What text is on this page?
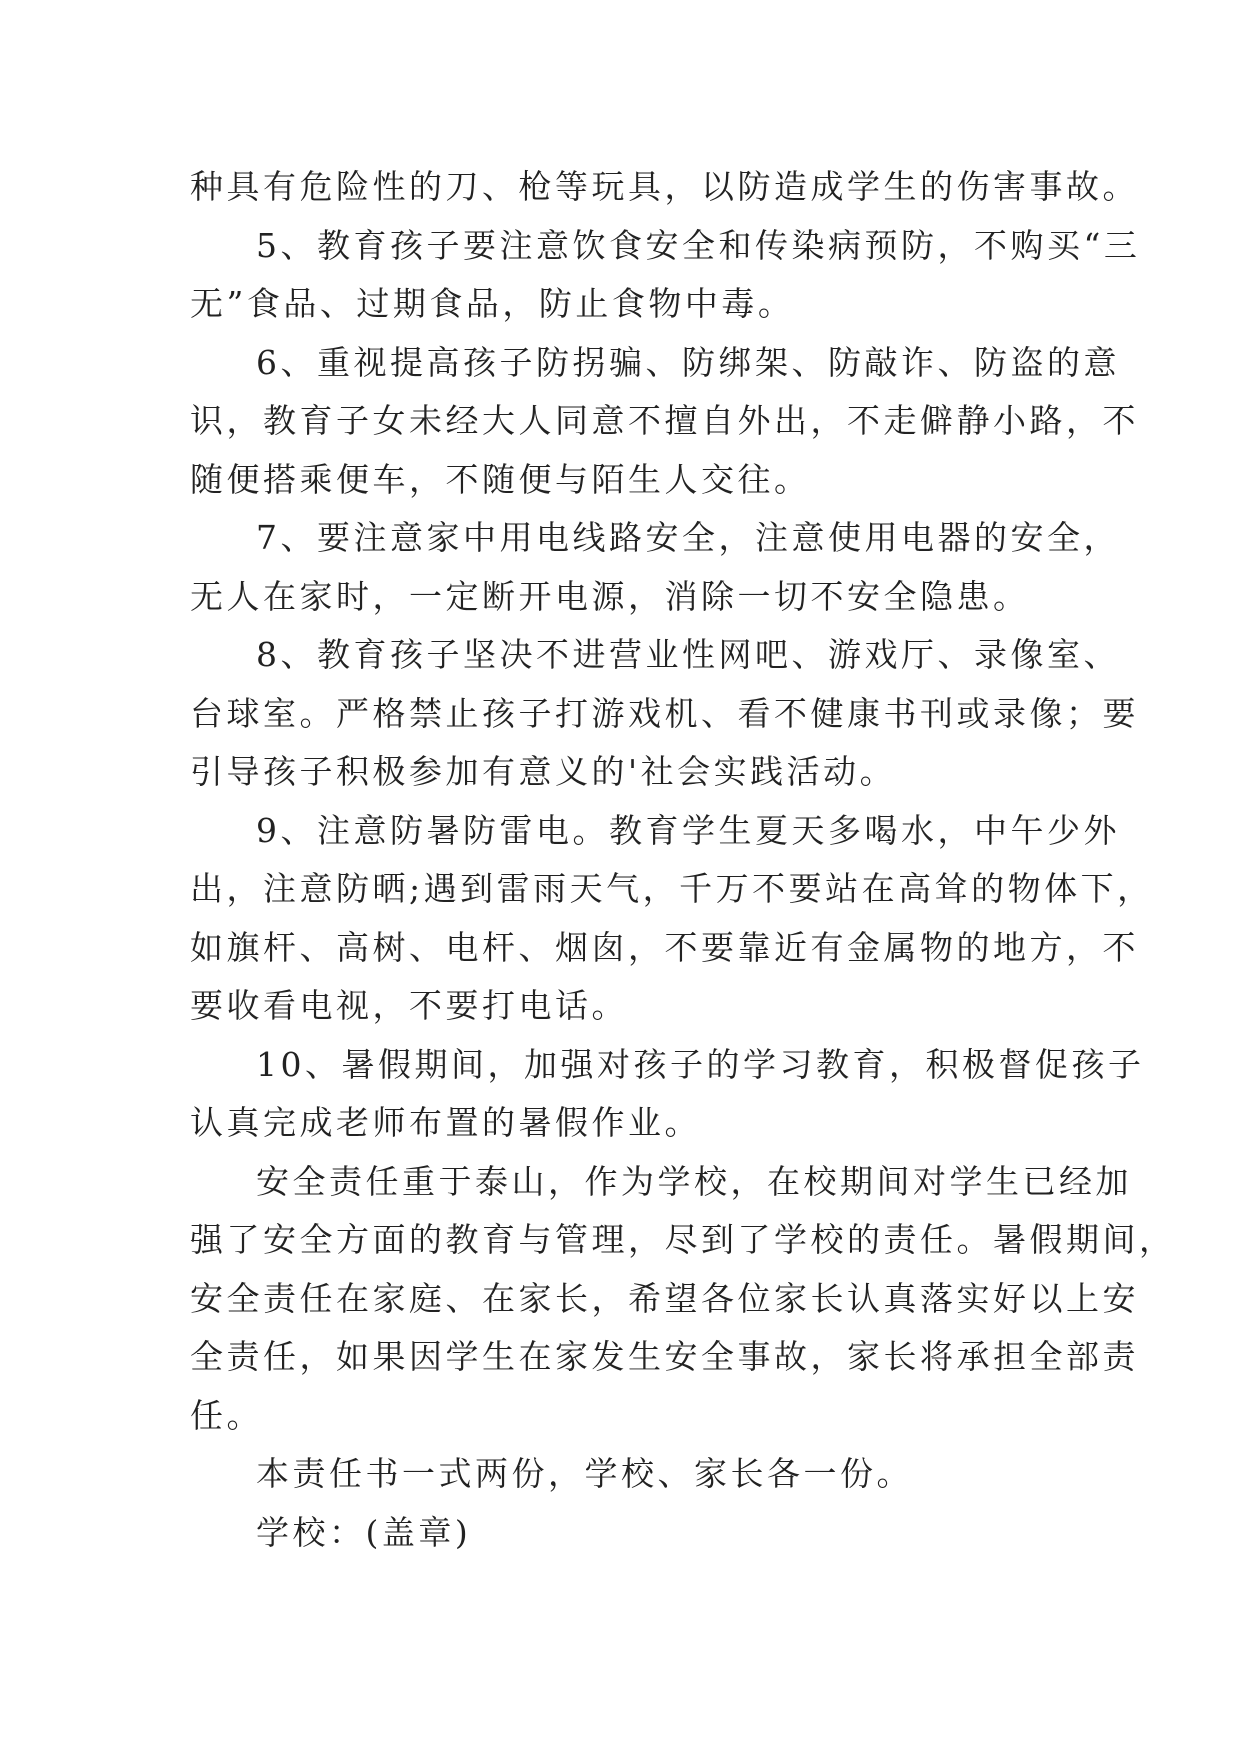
种具有危险性的刀、枪等玩具，以防造成学生的伤害事故。

5、教育孩子要注意饮食安全和传染病预防，不购买“三
无”食品、过期食品，防止食物中毒。

6、重视提高孩子防拐骗、防绑架、防敲诈、防盗的意
识，教育子女未经大人同意不擅自外出，不走僻静小路，不
随便搭乘便车，不随便与陌生人交往。

7、要注意家中用电线路安全，注意使用电器的安全，
无人在家时，一定断开电源，消除一切不安全隐患。

8、教育孩子坚决不进营业性网吧、游戏厅、录像室、
台球室。严格禁止孩子打游戏机、看不健康书刊或录像；要
引导孩子积极参加有意义的'社会实践活动。

9、注意防暑防雷电。教育学生夏天多喝水，中午少外
出，注意防晒;遇到雷雨天气，千万不要站在高耸的物体下，
如旗杆、高树、电杆、烟囱，不要靠近有金属物的地方，不
要收看电视，不要打电话。

10、暑假期间，加强对孩子的学习教育，积极督促孩子
认真完成老师布置的暑假作业。

安全责任重于泰山，作为学校，在校期间对学生已经加
强了安全方面的教育与管理，尽到了学校的责任。暑假期间，
安全责任在家庭、在家长，希望各位家长认真落实好以上安
全责任，如果因学生在家发生安全事故，家长将承担全部责
任。

本责任书一式两份，学校、家长各一份。

学校：(盖章)
